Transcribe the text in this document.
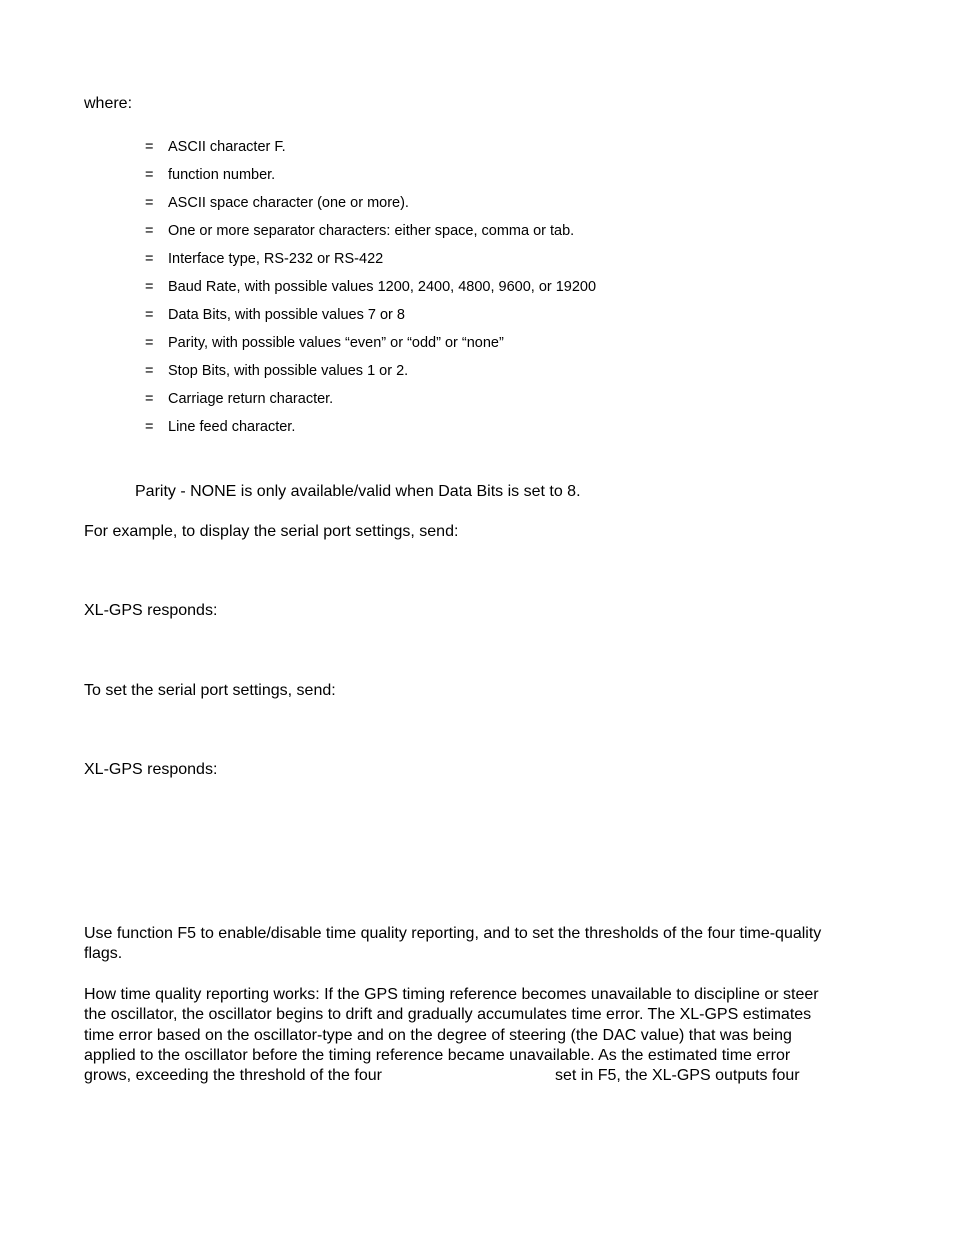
where:

= ASCII character F.
= function number.
= ASCII space character (one or more).
= One or more separator characters: either space, comma or tab.
= Interface type, RS-232 or RS-422
= Baud Rate, with possible values 1200, 2400, 4800, 9600, or 19200
= Data Bits, with possible values 7 or 8
= Parity, with possible values “even” or “odd” or “none”
= Stop Bits, with possible values 1 or 2.
= Carriage return character.
= Line feed character.

Parity - NONE is only available/valid when Data Bits is set to 8.

For example, to display the serial port settings, send:

XL-GPS responds:

To set the serial port settings, send:

XL-GPS responds:

Use function F5 to enable/disable time quality reporting, and to set the thresholds of the four time-quality
flags.

How time quality reporting works: If the GPS timing reference becomes unavailable to discipline or steer
the oscillator, the oscillator begins to drift and gradually accumulates time error. The XL-GPS estimates
time error based on the oscillator-type and on the degree of steering (the DAC value) that was being
applied to the oscillator before the timing reference became unavailable. As the estimated time error
grows, exceeding the threshold of the four	set in F5, the XL-GPS outputs four
